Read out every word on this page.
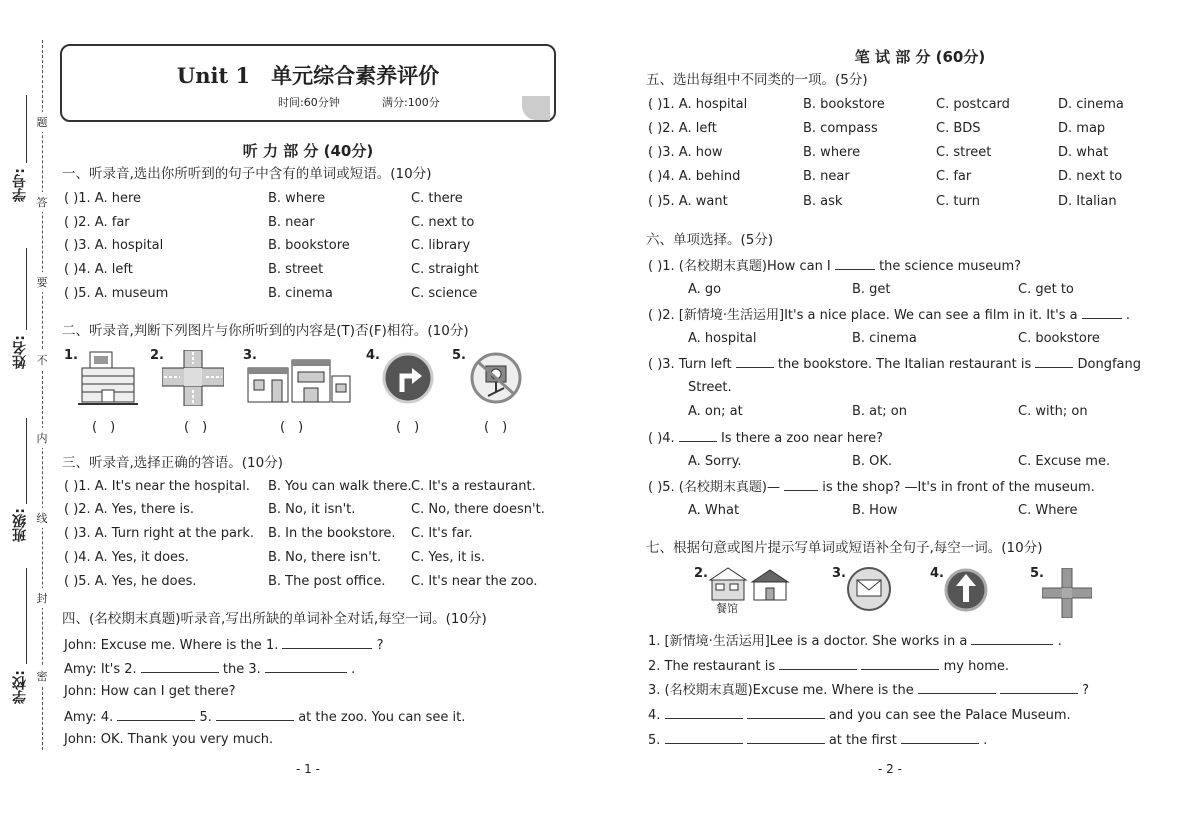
学号:
姓名:
班级:
学校:
题
答
要
不
内
线
封
密
Unit 1　单元综合素养评价
时间:60分钟	满分:100分
听 力 部 分 (40分)
一、听录音,选出你所听到的句子中含有的单词或短语。(10分)
( )1. A. here	B. where	C. there
( )2. A. far	B. near	C. next to
( )3. A. hospital	B. bookstore	C. library
( )4. A. left	B. street	C. straight
( )5. A. museum	B. cinema	C. science
二、听录音,判断下列图片与你所听到的内容是(T)否(F)相符。(10分)
1.	2.	3.	4.	5.
(　)	(　)	(　)	(　)	(　)
三、听录音,选择正确的答语。(10分)
( )1. A. It's near the hospital. B. You can walk there. C. It's a restaurant.
( )2. A. Yes, there is.	B. No, it isn't.	C. No, there doesn't.
( )3. A. Turn right at the park. B. In the bookstore. C. It's far.
( )4. A. Yes, it does.	B. No, there isn't. C. Yes, it is.
( )5. A. Yes, he does.	B. The post office. C. It's near the zoo.
四、(名校期末真题)听录音,写出所缺的单词补全对话,每空一词。(10分)
John: Excuse me. Where is the 1.	?
Amy: It's 2.	the 3.	.
John: How can I get there?
Amy: 4.	5.	at the zoo. You can see it.
John: OK. Thank you very much.
- 1 -
笔 试 部 分 (60分)
五、选出每组中不同类的一项。(5分)
( )1. A. hospital	B. bookstore	C. postcard	D. cinema
( )2. A. left	B. compass	C. BDS	D. map
( )3. A. how	B. where	C. street	D. what
( )4. A. behind	B. near	C. far	D. next to
( )5. A. want	B. ask	C. turn	D. Italian
六、单项选择。(5分)
( )1. (名校期末真题)How can I	the science museum?
A. go	B. get	C. get to
( )2. [新情境·生活运用]It's a nice place. We can see a film in it. It's a	.
A. hospital	B. cinema	C. bookstore
( )3. Turn left	the bookstore. The Italian restaurant is	Dongfang
Street.
A. on; at	B. at; on	C. with; on
( )4.	Is there a zoo near here?
A. Sorry.	B. OK.	C. Excuse me.
( )5. (名校期末真题)—	is the shop? —It's in front of the museum.
A. What	B. How	C. Where
七、根据句意或图片提示写单词或短语补全句子,每空一词。(10分)
2.	3.	4.	5.
餐馆
1. [新情境·生活运用]Lee is a doctor. She works in a	.
2. The restaurant is	my home.
3. (名校期末真题)Excuse me. Where is the	?
4.	and you can see the Palace Museum.
5.	at the first	.
- 2 -
